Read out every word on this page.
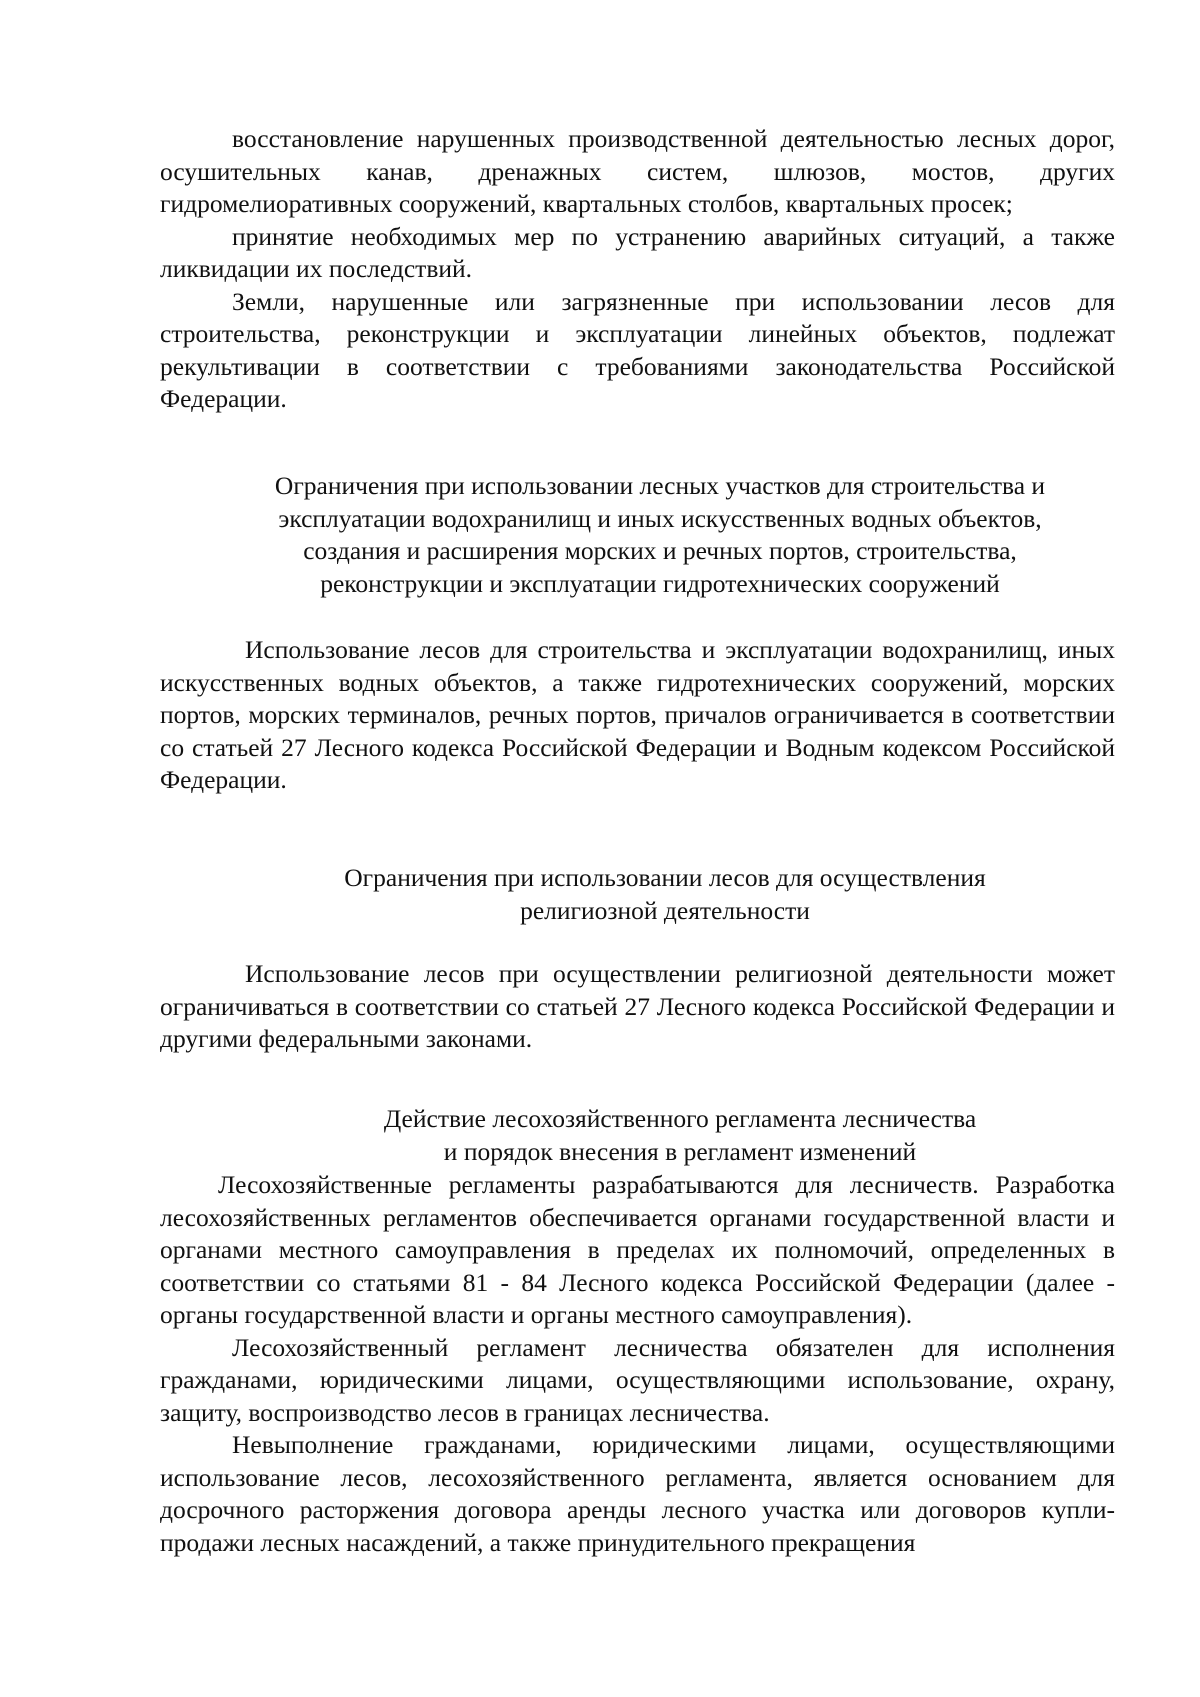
восстановление нарушенных производственной деятельностью лесных дорог, осушительных канав, дренажных систем, шлюзов, мостов, других гидромелиоративных сооружений, квартальных столбов, квартальных просек;

принятие необходимых мер по устранению аварийных ситуаций, а также ликвидации их последствий.

Земли, нарушенные или загрязненные при использовании лесов для строительства, реконструкции и эксплуатации линейных объектов, подлежат рекультивации в соответствии с требованиями законодательства Российской Федерации.

Ограничения при использовании лесных участков для строительства и
эксплуатации водохранилищ и иных искусственных водных объектов,
создания и расширения морских и речных портов, строительства,
реконструкции и эксплуатации гидротехнических сооружений

Использование лесов для строительства и эксплуатации водохранилищ, иных искусственных водных объектов, а также гидротехнических сооружений, морских портов, морских терминалов, речных портов, причалов ограничивается в соответствии со статьей 27 Лесного кодекса Российской Федерации и Водным кодексом Российской Федерации.

Ограничения при использовании лесов для осуществления
религиозной деятельности

Использование лесов при осуществлении религиозной деятельности может ограничиваться в соответствии со статьей 27 Лесного кодекса Российской Федерации и другими федеральными законами.

Действие лесохозяйственного регламента лесничества
и порядок внесения в регламент изменений

Лесохозяйственные регламенты разрабатываются для лесничеств. Разработка лесохозяйственных регламентов обеспечивается органами государственной власти и органами местного самоуправления в пределах их полномочий, определенных в соответствии со статьями 81 - 84 Лесного кодекса Российской Федерации (далее - органы государственной власти и органы местного самоуправления).

Лесохозяйственный регламент лесничества обязателен для исполнения гражданами, юридическими лицами, осуществляющими использование, охрану, защиту, воспроизводство лесов в границах лесничества.

Невыполнение гражданами, юридическими лицами, осуществляющими использование лесов, лесохозяйственного регламента, является основанием для досрочного расторжения договора аренды лесного участка или договоров купли-продажи лесных насаждений, а также принудительного прекращения
